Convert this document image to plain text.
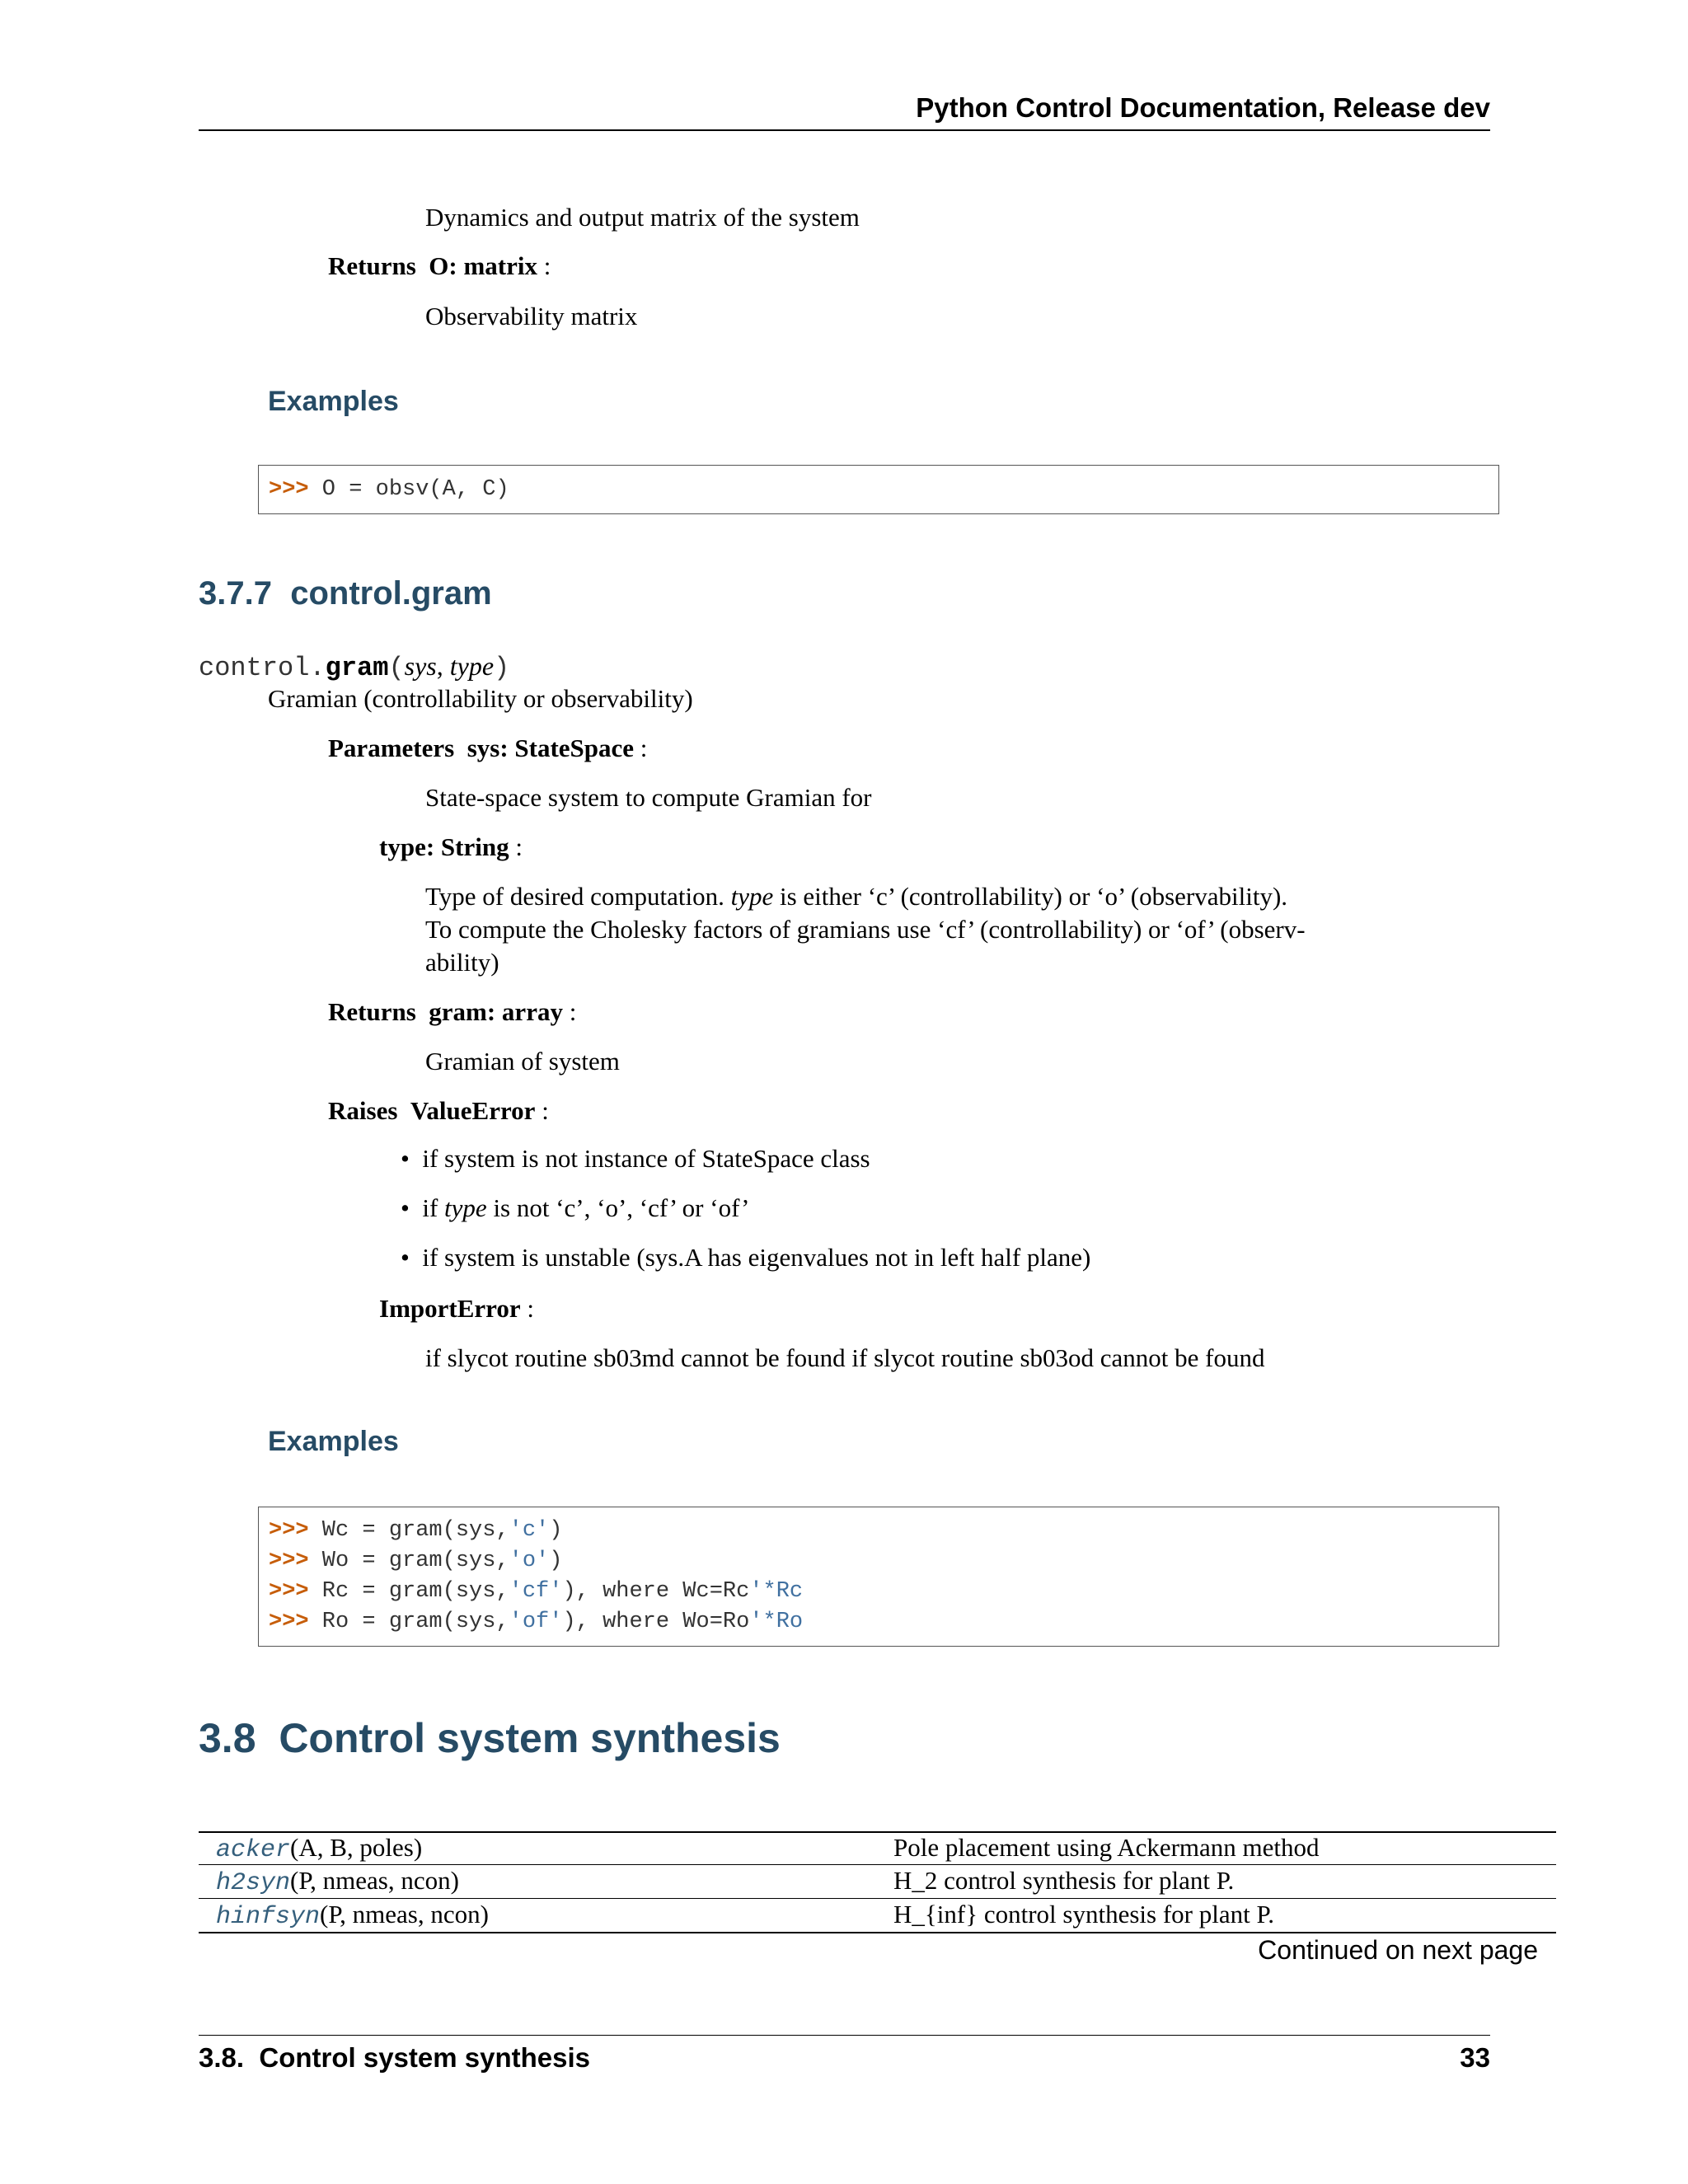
Python Control Documentation, Release dev
Dynamics and output matrix of the system
Returns O: matrix :
Observability matrix
Examples
>>> O = obsv(A, C)
3.7.7 control.gram
control.gram(sys, type)
Gramian (controllability or observability)
Parameters sys: StateSpace :
State-space system to compute Gramian for
type: String :
Type of desired computation. type is either ‘c’ (controllability) or ‘o’ (observability).
To compute the Cholesky factors of gramians use ‘cf’ (controllability) or ‘of’ (observ-
ability)
Returns gram: array :
Gramian of system
Raises ValueError :
• if system is not instance of StateSpace class
• if type is not ‘c’, ‘o’, ‘cf’ or ‘of’
• if system is unstable (sys.A has eigenvalues not in left half plane)
ImportError :
if slycot routine sb03md cannot be found if slycot routine sb03od cannot be found
Examples
>>> Wc = gram(sys,'c')
>>> Wo = gram(sys,'o')
>>> Rc = gram(sys,'cf'), where Wc=Rc'*Rc
>>> Ro = gram(sys,'of'), where Wo=Ro'*Ro
3.8 Control system synthesis
acker(A, B, poles)	Pole placement using Ackermann method
h2syn(P, nmeas, ncon)	H_2 control synthesis for plant P.
hinfsyn(P, nmeas, ncon)	H_{inf} control synthesis for plant P.
Continued on next page
3.8.  Control system synthesis	33
